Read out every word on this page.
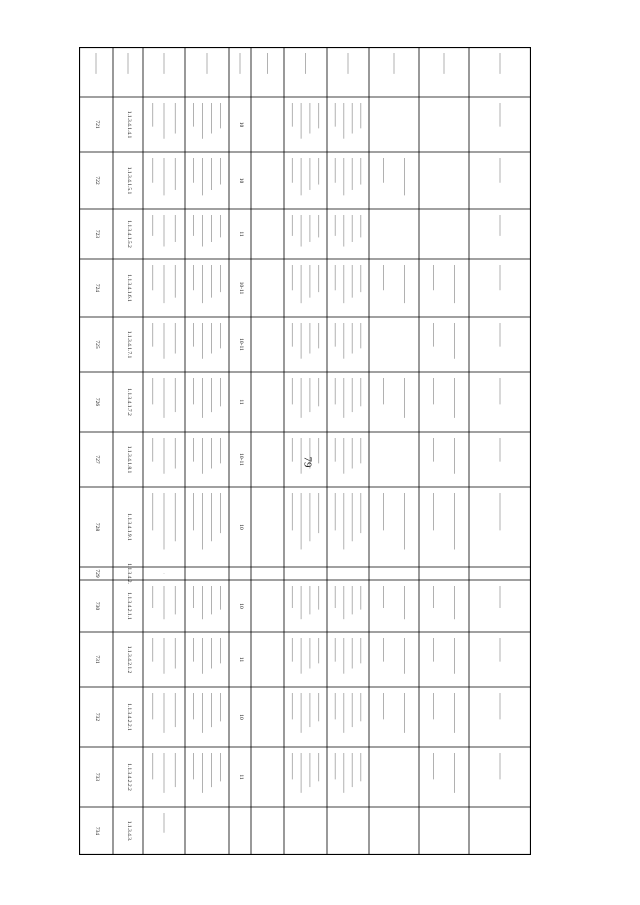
79
721	1.1.3.4.1.4.1	10
722	1.1.3.4.1.5.1	10
723	1.1.3.4.1.5.2	11
724	1.1.3.4.1.6.1	10-11
725	1.1.3.4.1.7.1	10-11
726	1.1.3.4.1.7.2	11
727	1.1.3.4.1.8.1	10-11
728	1.1.3.4.1.9.1	10
729	1.1.3.4.2.
730	1.1.3.4.2.1.1	10
731	1.1.3.4.2.1.2	11
732	1.1.3.4.2.2.1	10
733	1.1.3.4.2.2.2	11
734	1.1.3.4.3.
